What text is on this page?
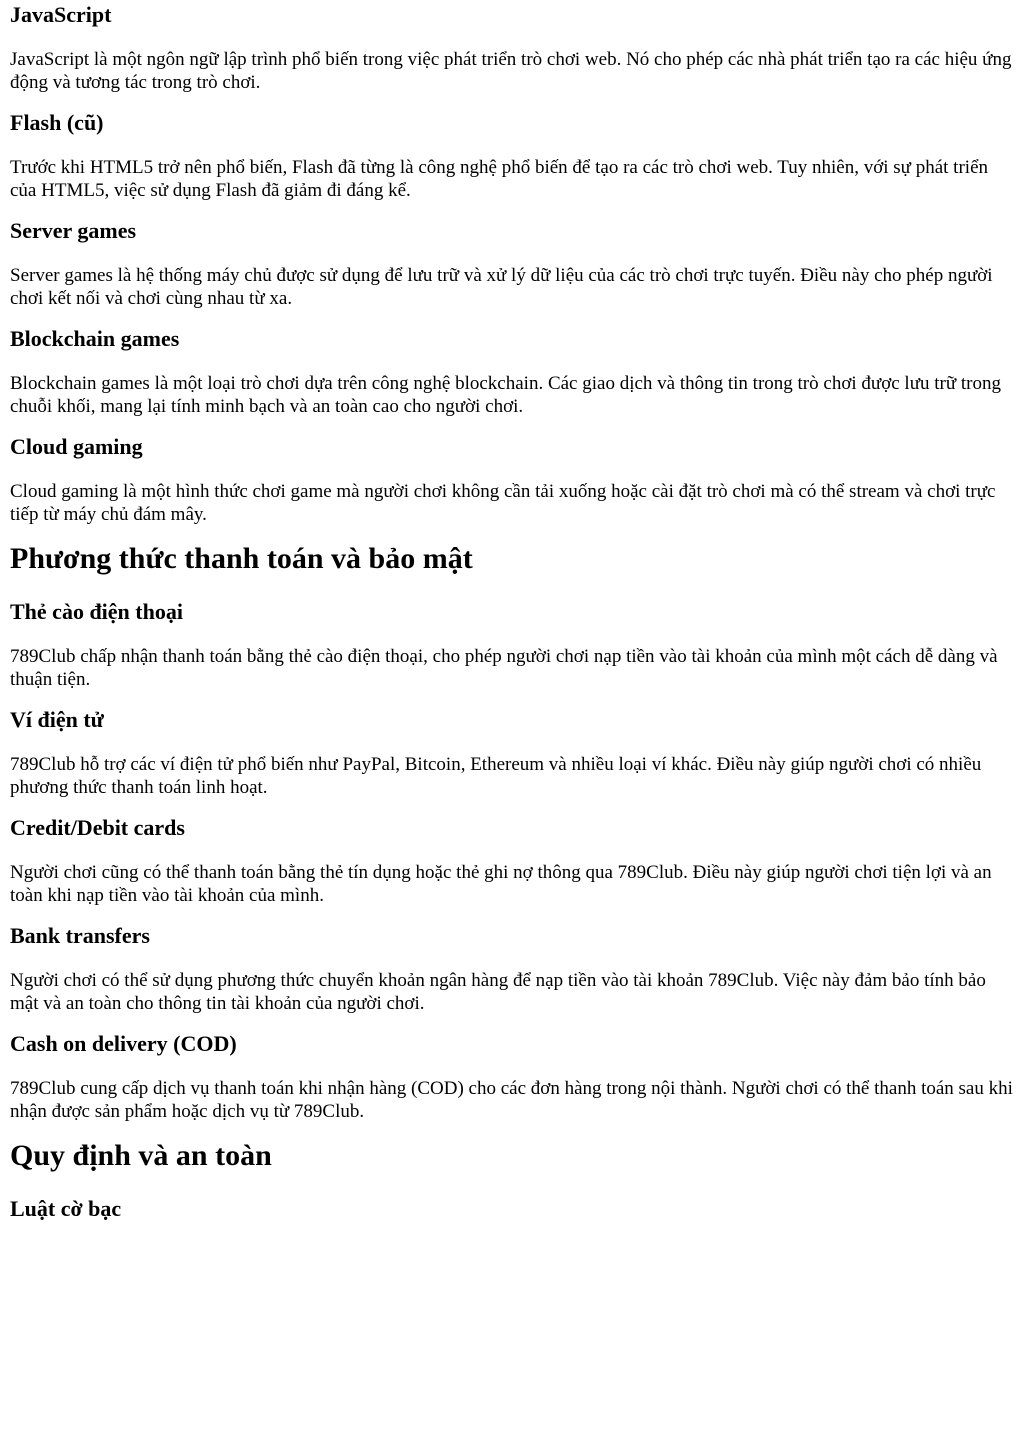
JavaScript

JavaScript là một ngôn ngữ lập trình phổ biến trong việc phát triển trò chơi web. Nó cho phép các nhà phát triển tạo ra các hiệu ứng động và tương tác trong trò chơi.

Flash (cũ)

Trước khi HTML5 trở nên phổ biến, Flash đã từng là công nghệ phổ biến để tạo ra các trò chơi web. Tuy nhiên, với sự phát triển của HTML5, việc sử dụng Flash đã giảm đi đáng kể.

Server games

Server games là hệ thống máy chủ được sử dụng để lưu trữ và xử lý dữ liệu của các trò chơi trực tuyến. Điều này cho phép người chơi kết nối và chơi cùng nhau từ xa.

Blockchain games

Blockchain games là một loại trò chơi dựa trên công nghệ blockchain. Các giao dịch và thông tin trong trò chơi được lưu trữ trong chuỗi khối, mang lại tính minh bạch và an toàn cao cho người chơi.

Cloud gaming

Cloud gaming là một hình thức chơi game mà người chơi không cần tải xuống hoặc cài đặt trò chơi mà có thể stream và chơi trực tiếp từ máy chủ đám mây.

Phương thức thanh toán và bảo mật
Thẻ cào điện thoại

789Club chấp nhận thanh toán bằng thẻ cào điện thoại, cho phép người chơi nạp tiền vào tài khoản của mình một cách dễ dàng và thuận tiện.

Ví điện tử

789Club hỗ trợ các ví điện tử phổ biến như PayPal, Bitcoin, Ethereum và nhiều loại ví khác. Điều này giúp người chơi có nhiều phương thức thanh toán linh hoạt.

Credit/Debit cards

Người chơi cũng có thể thanh toán bằng thẻ tín dụng hoặc thẻ ghi nợ thông qua 789Club. Điều này giúp người chơi tiện lợi và an toàn khi nạp tiền vào tài khoản của mình.

Bank transfers

Người chơi có thể sử dụng phương thức chuyển khoản ngân hàng để nạp tiền vào tài khoản 789Club. Việc này đảm bảo tính bảo mật và an toàn cho thông tin tài khoản của người chơi.

Cash on delivery (COD)

789Club cung cấp dịch vụ thanh toán khi nhận hàng (COD) cho các đơn hàng trong nội thành. Người chơi có thể thanh toán sau khi nhận được sản phẩm hoặc dịch vụ từ 789Club.

Quy định và an toàn
Luật cờ bạc
